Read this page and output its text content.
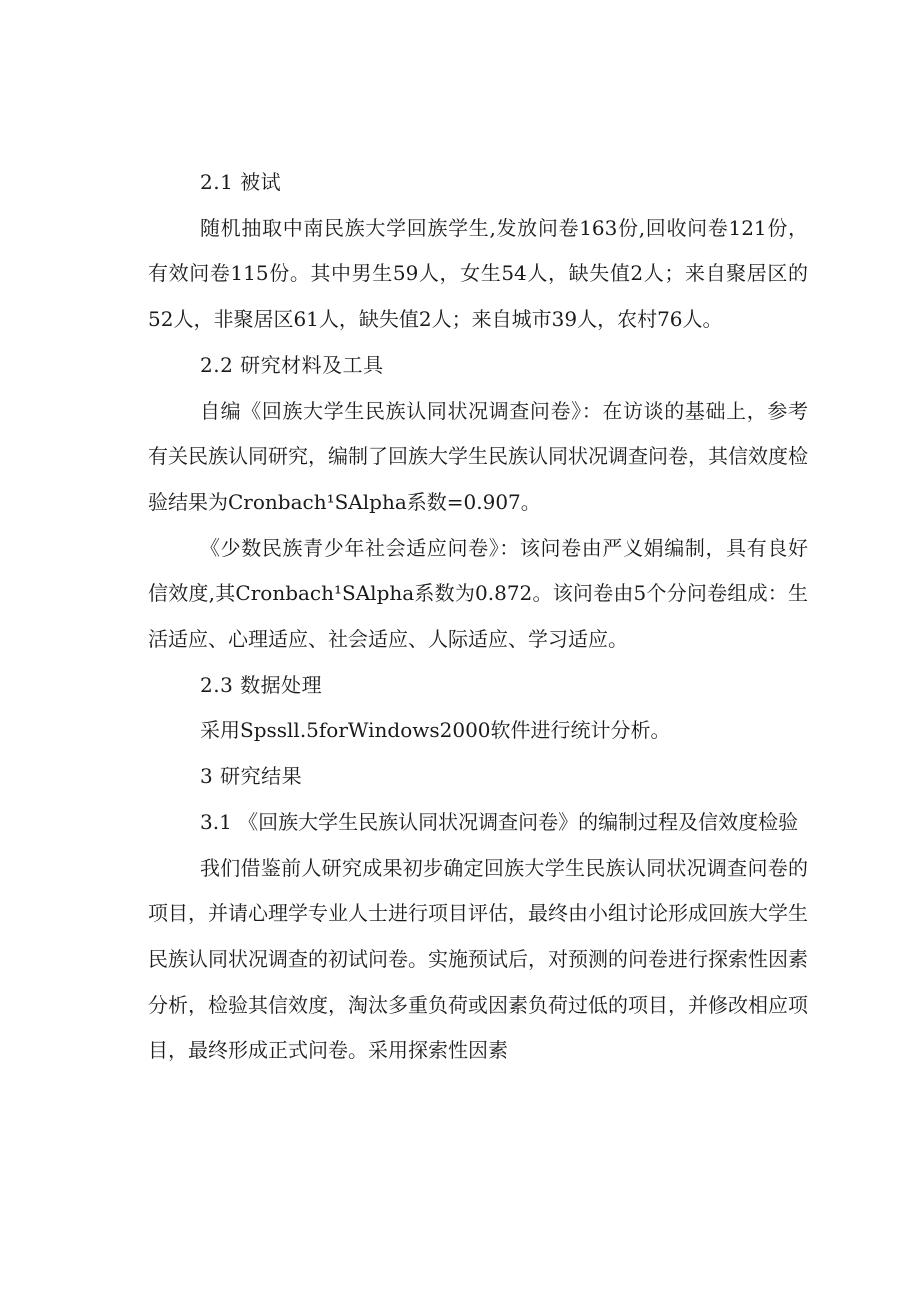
2.1 被试

随机抽取中南民族大学回族学生,发放问卷163份,回收问卷121份，有效问卷115份。其中男生59人，女生54人，缺失值2人；来自聚居区的52人，非聚居区61人，缺失值2人；来自城市39人，农村76人。

2.2 研究材料及工具

自编《回族大学生民族认同状况调查问卷》：在访谈的基础上，参考有关民族认同研究，编制了回族大学生民族认同状况调查问卷，其信效度检验结果为Cronbach¹SAlpha系数=0.907。

《少数民族青少年社会适应问卷》：该问卷由严义娟编制，具有良好信效度,其Cronbach¹SAlpha系数为0.872。该问卷由5个分问卷组成：生活适应、心理适应、社会适应、人际适应、学习适应。

2.3 数据处理

采用Spssll.5forWindows2000软件进行统计分析。

3 研究结果

3.1 《回族大学生民族认同状况调查问卷》的编制过程及信效度检验

我们借鉴前人研究成果初步确定回族大学生民族认同状况调查问卷的项目，并请心理学专业人士进行项目评估，最终由小组讨论形成回族大学生民族认同状况调查的初试问卷。实施预试后，对预测的问卷进行探索性因素分析，检验其信效度，淘汰多重负荷或因素负荷过低的项目，并修改相应项目，最终形成正式问卷。采用探索性因素
